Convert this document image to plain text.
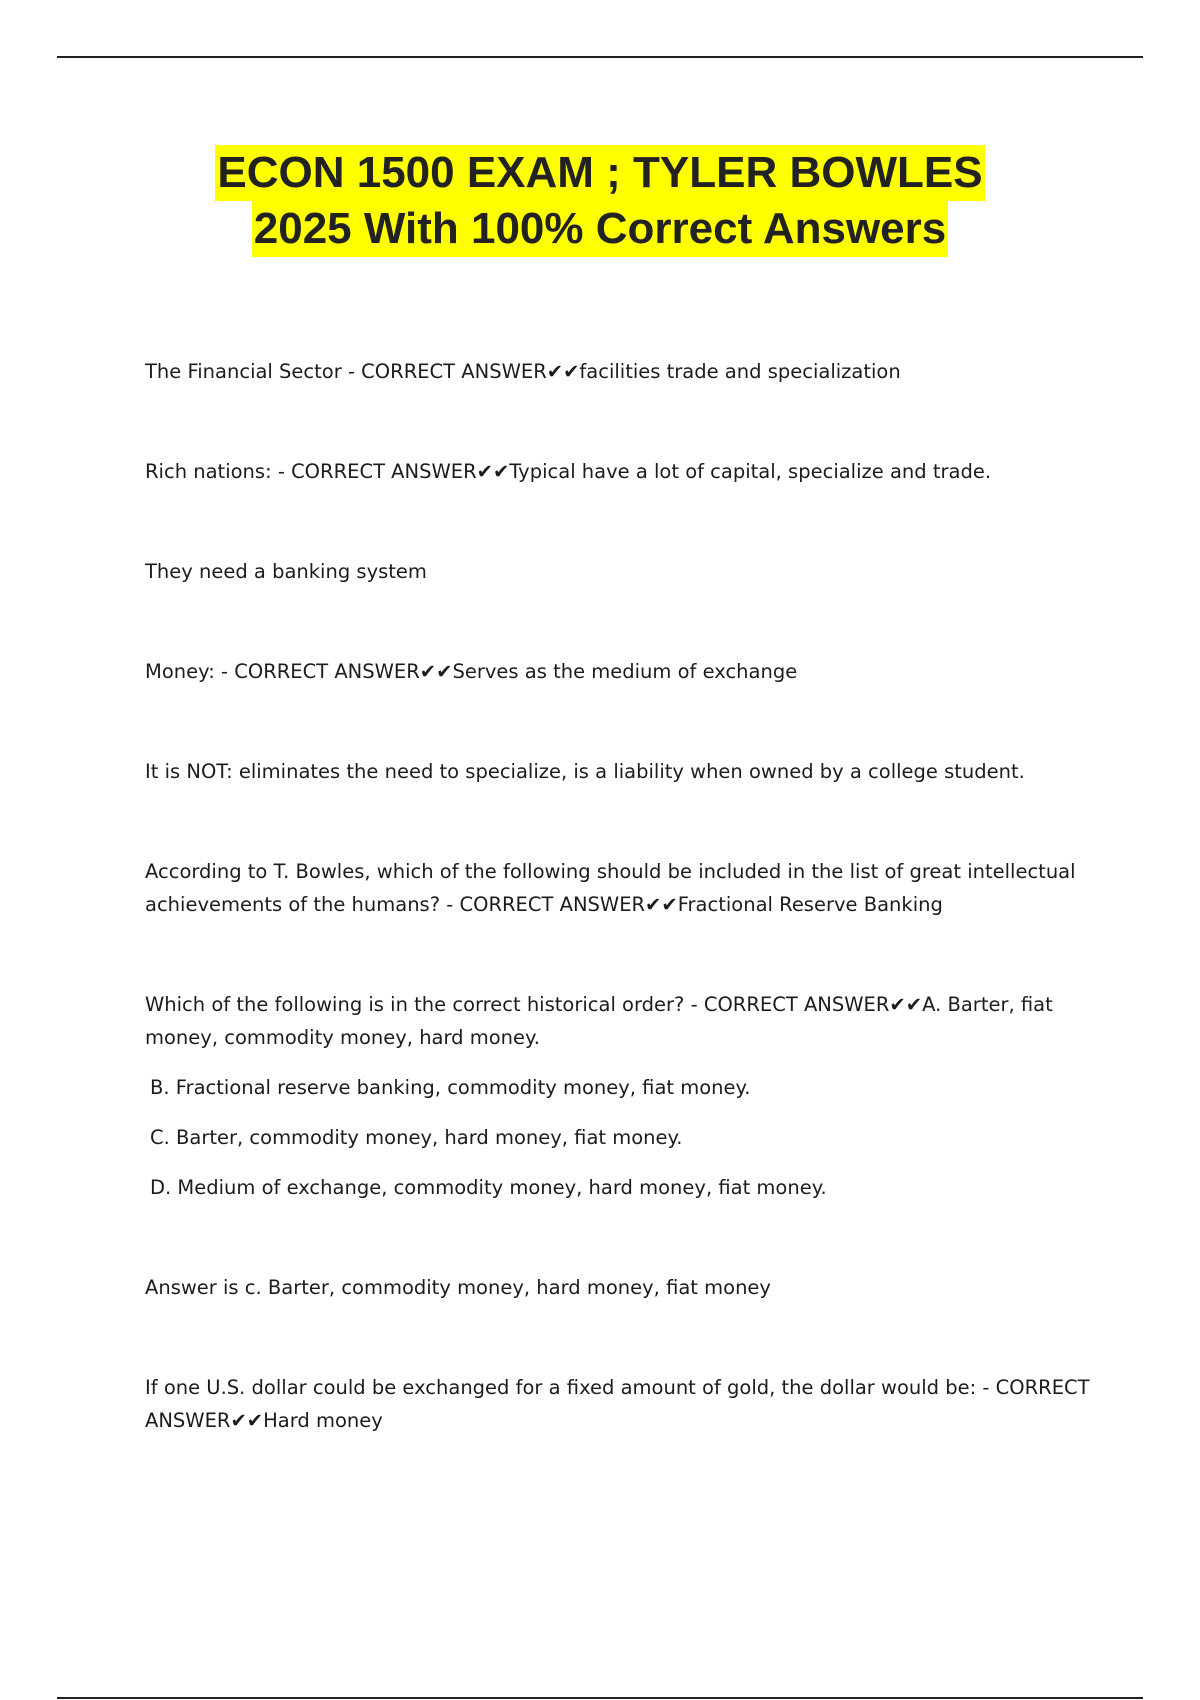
ECON 1500 EXAM ; TYLER BOWLES
2025 With 100% Correct Answers

The Financial Sector - CORRECT ANSWER✔✔facilities trade and specialization

Rich nations: - CORRECT ANSWER✔✔Typical have a lot of capital, specialize and trade.

They need a banking system

Money: - CORRECT ANSWER✔✔Serves as the medium of exchange

It is NOT: eliminates the need to specialize, is a liability when owned by a college student.

According to T. Bowles, which of the following should be included in the list of great intellectual achievements of the humans? - CORRECT ANSWER✔✔Fractional Reserve Banking

Which of the following is in the correct historical order? - CORRECT ANSWER✔✔A. Barter, fiat money, commodity money, hard money.

B. Fractional reserve banking, commodity money, fiat money.

C. Barter, commodity money, hard money, fiat money.

D. Medium of exchange, commodity money, hard money, fiat money.

Answer is c. Barter, commodity money, hard money, fiat money

If one U.S. dollar could be exchanged for a fixed amount of gold, the dollar would be: - CORRECT ANSWER✔✔Hard money
